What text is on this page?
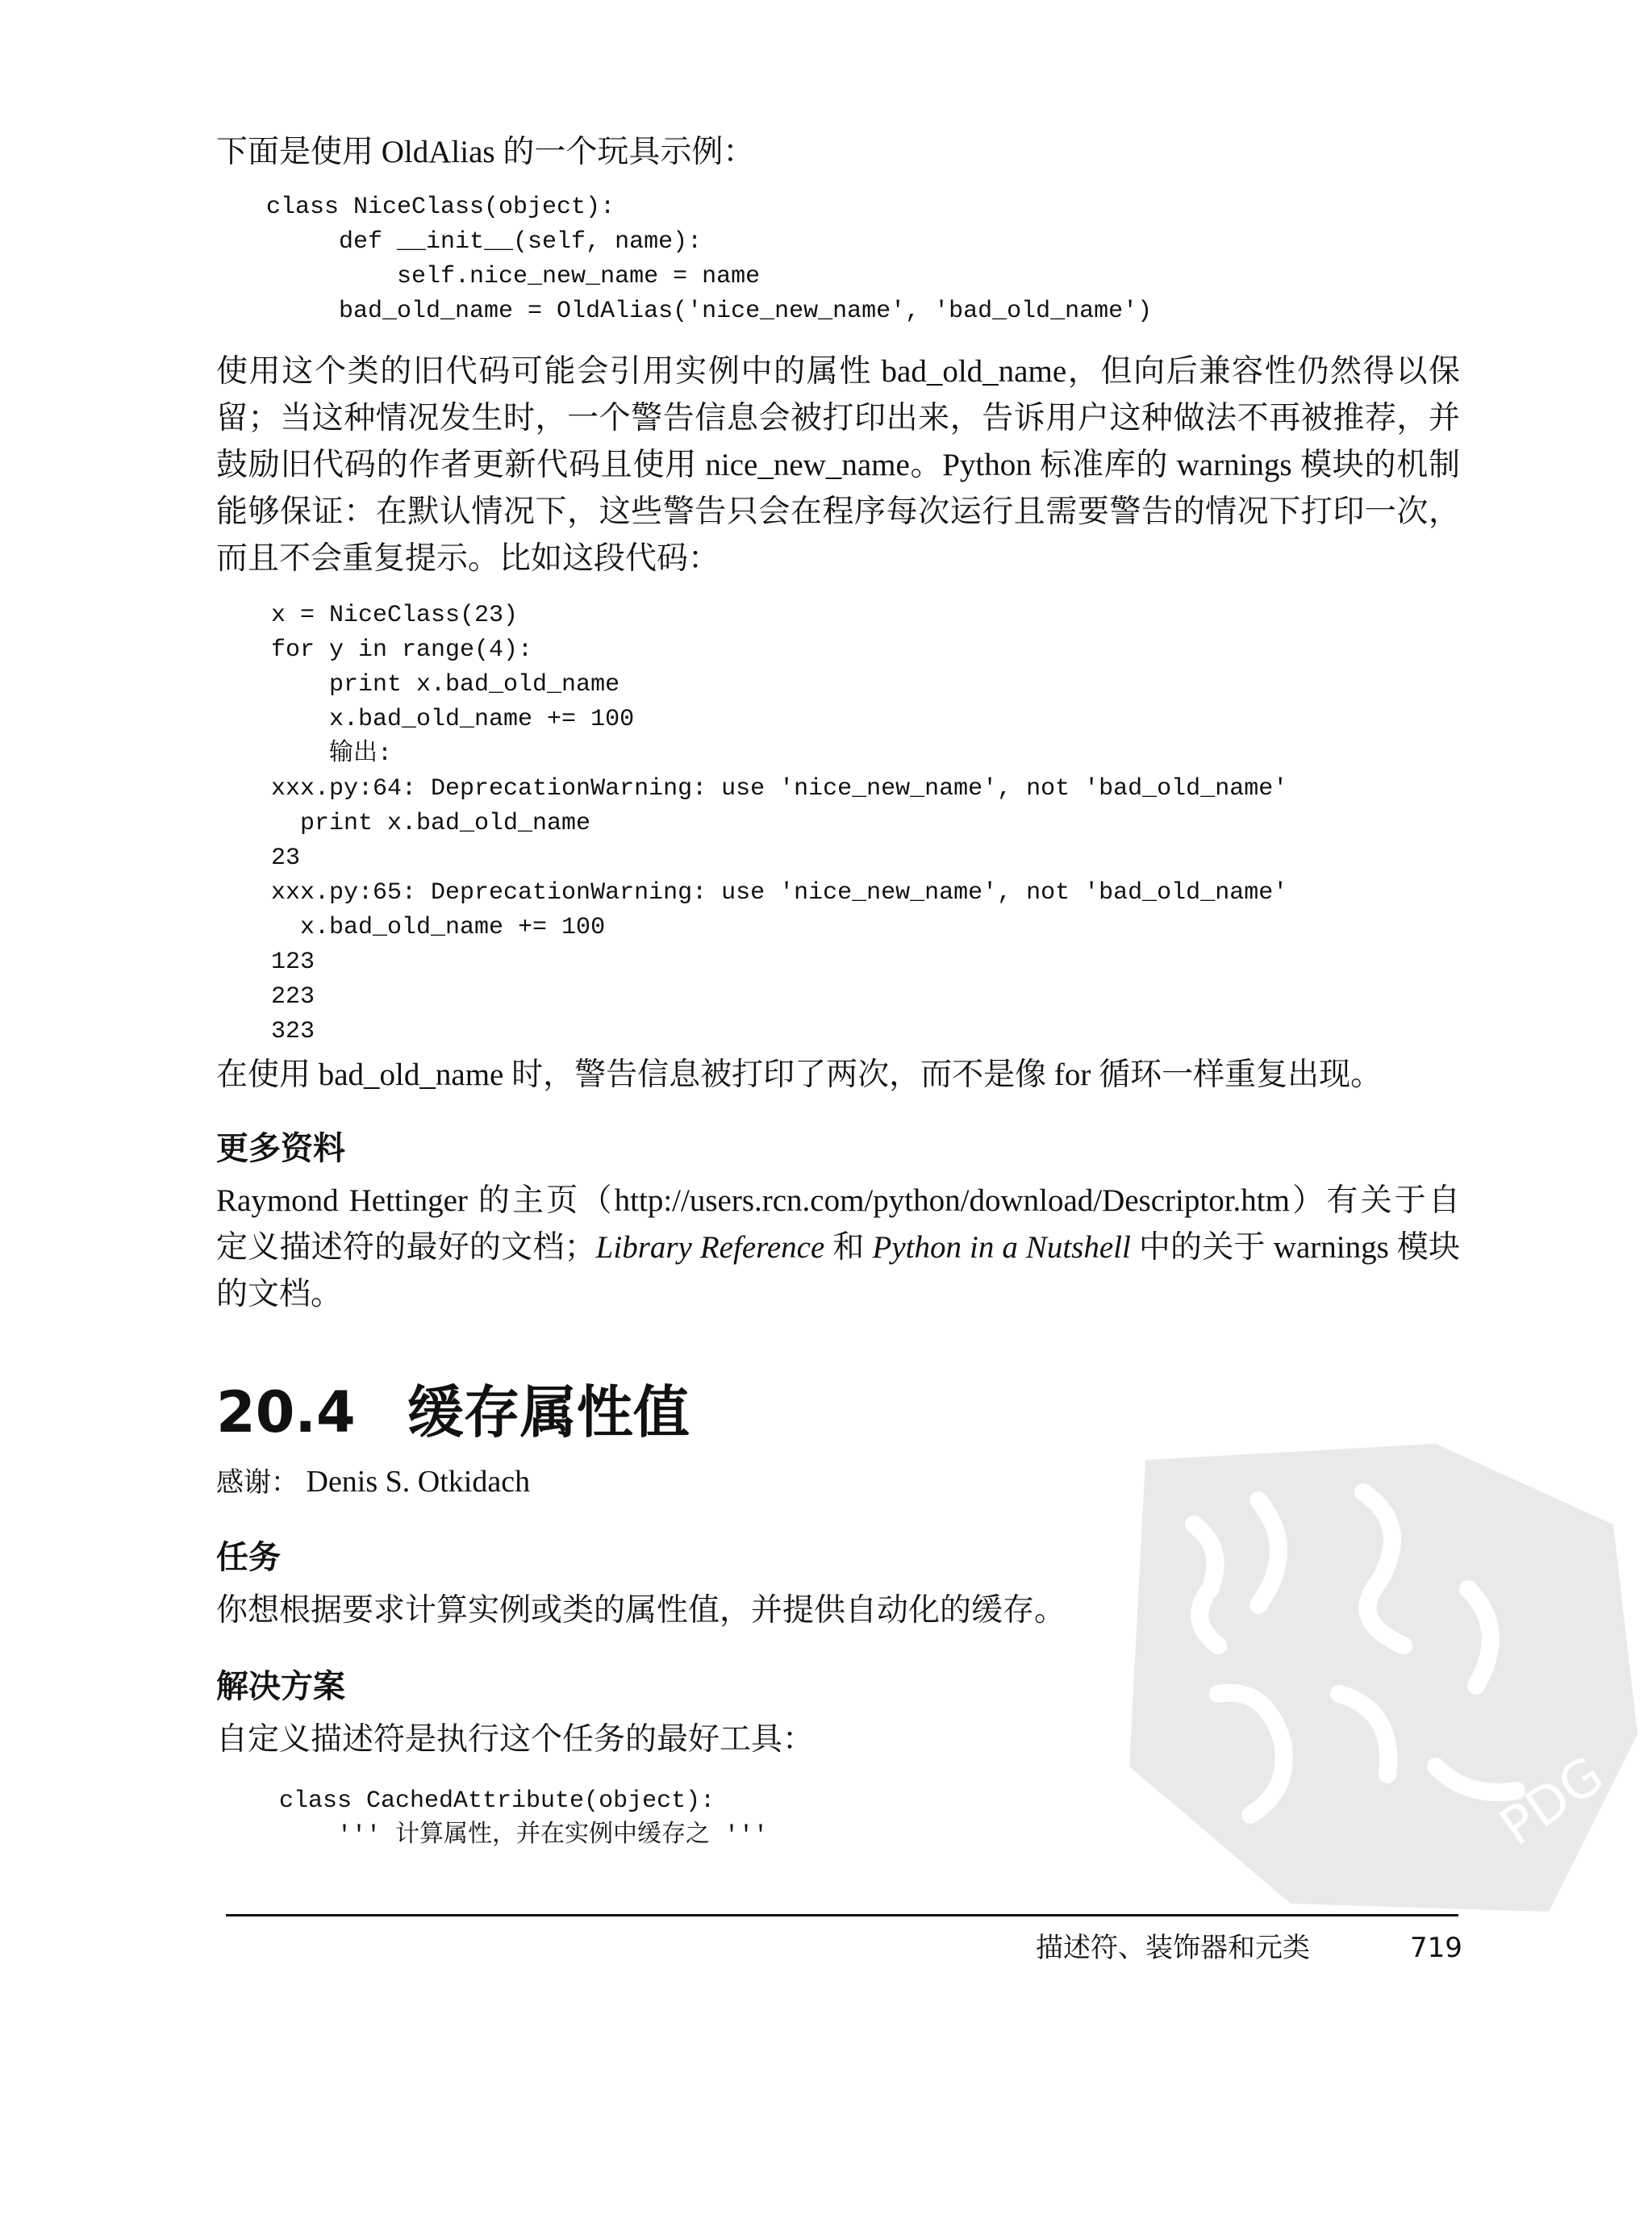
下面是使用 OldAlias 的一个玩具示例：

class NiceClass(object):
def __init__(self, name):
self.nice_new_name = name
bad_old_name = OldAlias('nice_new_name', 'bad_old_name')

使用这个类的旧代码可能会引用实例中的属性 bad_old_name，但向后兼容性仍然得以保留；当这种情况发生时，一个警告信息会被打印出来，告诉用户这种做法不再被推荐，并鼓励旧代码的作者更新代码且使用 nice_new_name。Python 标准库的 warnings 模块的机制能够保证：在默认情况下，这些警告只会在程序每次运行且需要警告的情况下打印一次，而且不会重复提示。比如这段代码：

x = NiceClass(23)
for y in range(4):
print x.bad_old_name
x.bad_old_name += 100
输出:
xxx.py:64: DeprecationWarning: use 'nice_new_name', not 'bad_old_name'
print x.bad_old_name
23
xxx.py:65: DeprecationWarning: use 'nice_new_name', not 'bad_old_name'
x.bad_old_name += 100
123
223
323

在使用 bad_old_name 时，警告信息被打印了两次，而不是像 for 循环一样重复出现。

更多资料

Raymond Hettinger 的主页（http://users.rcn.com/python/download/Descriptor.htm）有关于自定义描述符的最好的文档；Library Reference 和 Python in a Nutshell 中的关于 warnings 模块的文档。

20.4 缓存属性值
感谢： Denis S. Otkidach
任务

你想根据要求计算实例或类的属性值，并提供自动化的缓存。

解决方案

自定义描述符是执行这个任务的最好工具：

class CachedAttribute(object):
''' 计算属性，并在实例中缓存之 '''	PDG
描述符、装饰器和元类	719
